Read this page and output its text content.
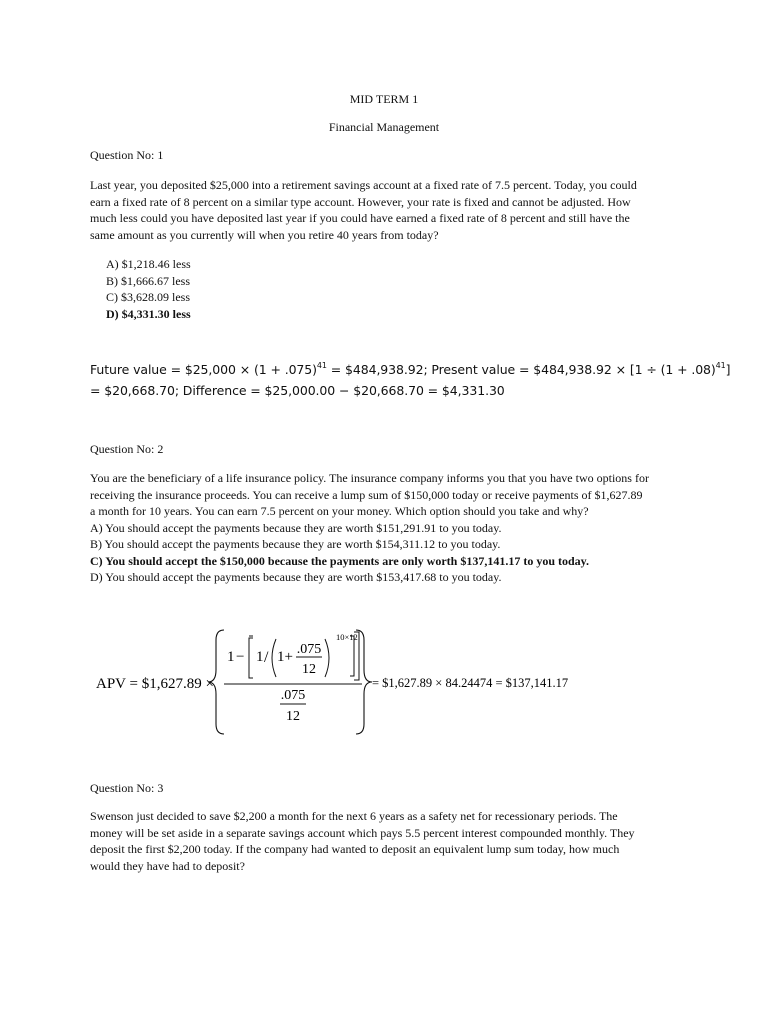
MID TERM 1
Financial Management
Question No: 1
Last year, you deposited $25,000 into a retirement savings account at a fixed rate of 7.5 percent. Today, you could
earn a fixed rate of 8 percent on a similar type account. However, your rate is fixed and cannot be adjusted. How
much less could you have deposited last year if you could have earned a fixed rate of 8 percent and still have the
same amount as you currently will when you retire 40 years from today?
A) $1,218.46 less
B) $1,666.67 less
C) $3,628.09 less
D) $4,331.30 less
Future value = $25,000 × $(1 + .075)^{41}$ = $484,938.92; Present value = $484,938.92 × $[1 \div (1 + .08)^{41}]$
= $20,668.70; Difference = $25,000.00 − $20,668.70 = $4,331.30
Question No: 2
You are the beneficiary of a life insurance policy. The insurance company informs you that you have two options for
receiving the insurance proceeds. You can receive a lump sum of $150,000 today or receive payments of $1,627.89
a month for 10 years. You can earn 7.5 percent on your money. Which option should you take and why?
A) You should accept the payments because they are worth $151,291.91 to you today.
B) You should accept the payments because they are worth $154,311.12 to you today.
C) You should accept the $150,000 because the payments are only worth $137,141.17 to you today.
D) You should accept the payments because they are worth $153,417.68 to you today.
APV = $1,627.89 ×
1 − 1 / 1+ .075
12
10×12
.075
12
= $1,627.89 × 84.24474 = $137,141.17
Question No: 3
Swenson just decided to save $2,200 a month for the next 6 years as a safety net for recessionary periods. The
money will be set aside in a separate savings account which pays 5.5 percent interest compounded monthly. They
deposit the first $2,200 today. If the company had wanted to deposit an equivalent lump sum today, how much
would they have had to deposit?
